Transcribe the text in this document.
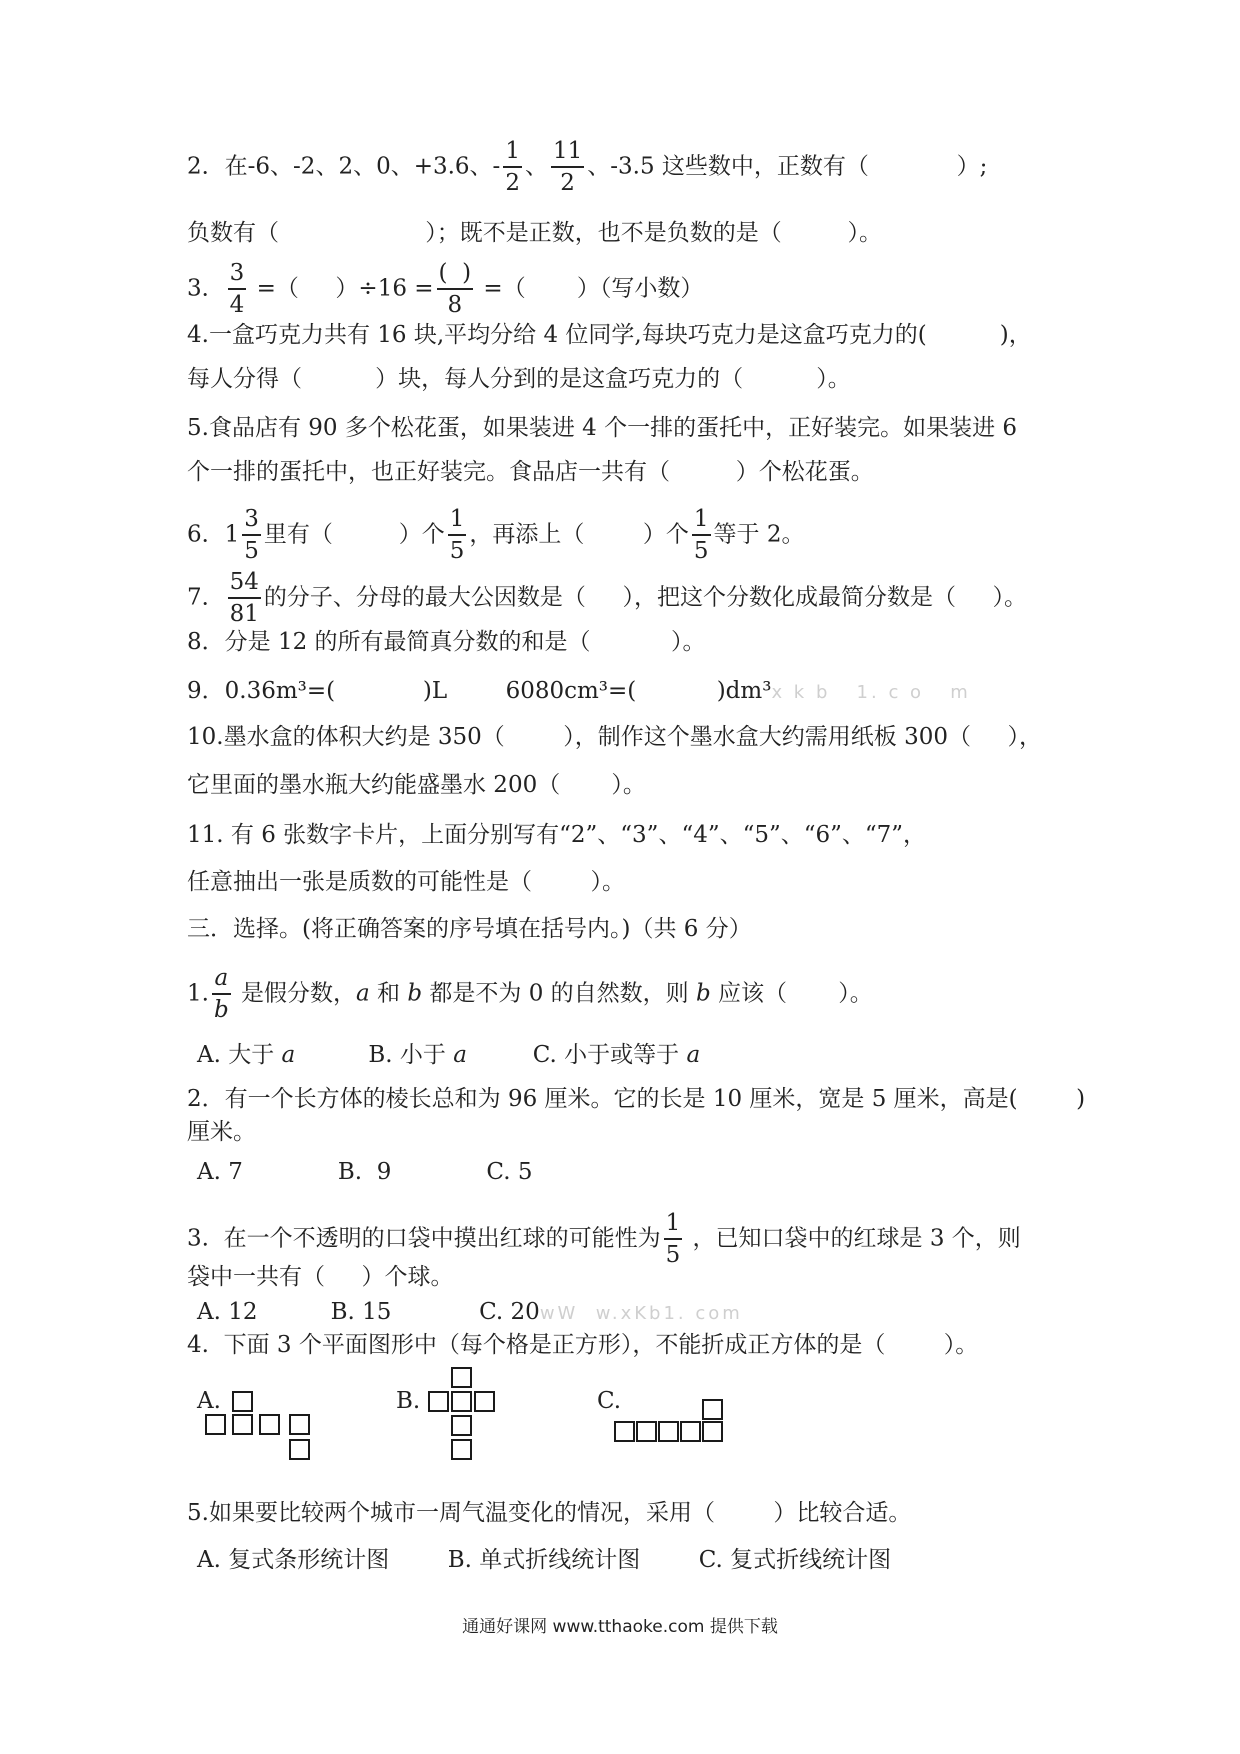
2．在-6、-2、2、0、+3.6、- $\frac{1}{2}$ 、 $\frac{11}{2}$ 、-3.5 这些数中，正数有（            ）;
负数有（                    ）；既不是正数，也不是负数的是（         ）。
3． $\frac{3}{4}$ =（     ）$\div 16 = \frac{( )}{8}$ =（       ）（写小数）
4.一盒巧克力共有 16 块,平均分给 4 位同学,每块巧克力是这盒巧克力的(          )，
每人分得（          ）块，每人分到的是这盒巧克力的（          ）。
5.食品店有 90 多个松花蛋，如果装进 4 个一排的蛋托中，正好装完。如果装进 6
个一排的蛋托中，也正好装完。食品店一共有（         ）个松花蛋。
6．$1 \frac{3}{5}$ 里有（         ）个 $\frac{1}{5}$ ，再添上（        ）个 $\frac{1}{5}$ 等于 2。
7． $\frac{54}{81}$ 的分子、分母的最大公因数是（     ），把这个分数化成最简分数是（     ）。
8．分是 12 的所有最简真分数的和是（           ）。
9．0.36m³=(            )L        6080cm³=(           )dm³x k b   1. c o   m
10.墨水盒的体积大约是 350（        ），制作这个墨水盒大约需用纸板 300（     ），
它里面的墨水瓶大约能盛墨水 200（       ）。
11. 有 6 张数字卡片，上面分别写有“2”、“3”、“4”、“5”、“6”、“7”，
任意抽出一张是质数的可能性是（        ）。
三．选择。(将正确答案的序号填在括号内。)（共 6 分）
1. $\frac{a}{b}$ 是假分数，a 和 b 都是不为 0 的自然数，则 b 应该（       ）。
A. 大于 a	B. 小于 a	C. 小于或等于 a
2．有一个长方体的棱长总和为 96 厘米。它的长是 10 厘米，宽是 5 厘米，高是(        )
厘米。
A. 7             B.  9             C. 5
3.  在一个不透明的口袋中摸出红球的可能性为 $\frac{1}{5}$ ，已知口袋中的红球是 3 个，则
袋中一共有（     ）个球。
A. 12          B. 15            C. 20wW  w.xKb1. com
4.  下面 3 个平面图形中（每个格是正方形），不能折成正方体的是（        ）。
A.	B.	C.
5.如果要比较两个城市一周气温变化的情况，采用（        ）比较合适。
A. 复式条形统计图        B. 单式折线统计图        C. 复式折线统计图
通通好课网 www.tthaoke.com 提供下载
